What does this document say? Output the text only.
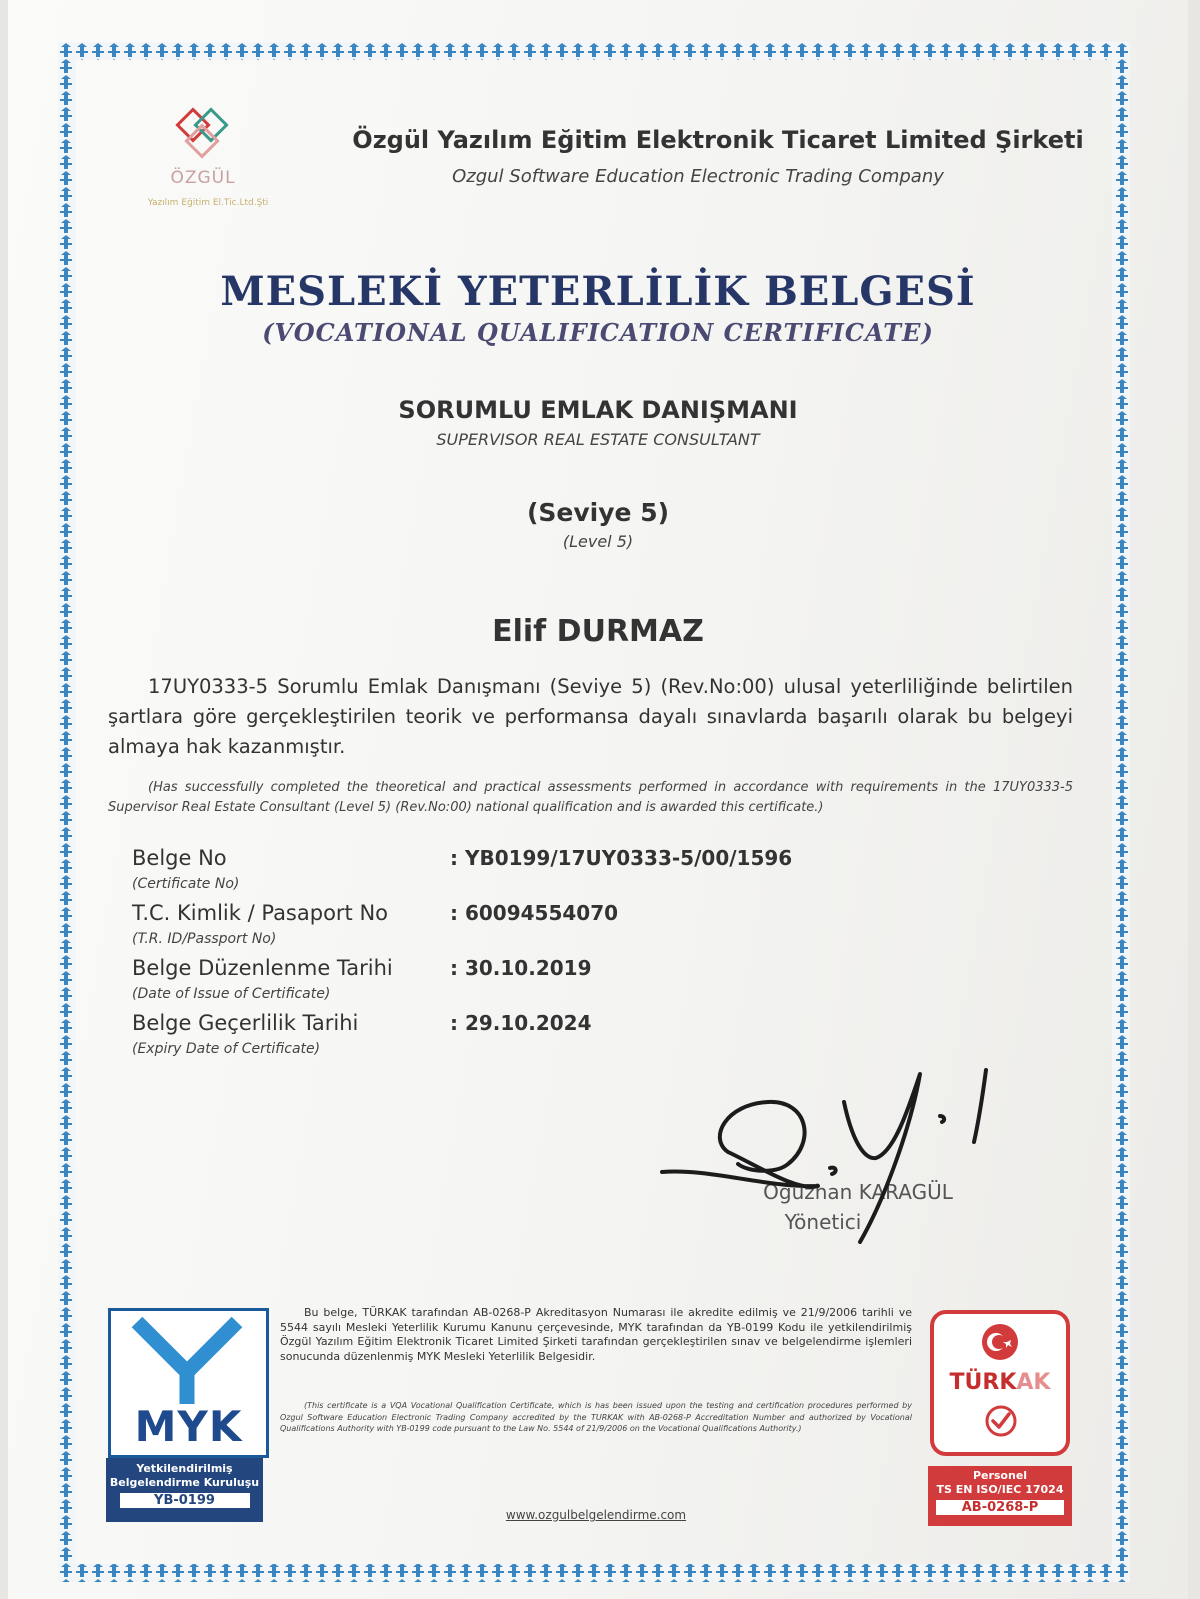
ÖZGÜL
Yazılım Eğitim El.Tic.Ltd.Şti
Özgül Yazılım Eğitim Elektronik Ticaret Limited Şirketi
Ozgul Software Education Electronic Trading Company
MESLEKİ YETERLİLİK BELGESİ
(VOCATIONAL QUALIFICATION CERTIFICATE)
SORUMLU EMLAK DANIŞMANI
SUPERVISOR REAL ESTATE CONSULTANT
(Seviye 5)
(Level 5)
Elif DURMAZ
17UY0333-5 Sorumlu Emlak Danışmanı (Seviye 5) (Rev.No:00) ulusal yeterliliğinde belirtilen şartlara göre gerçekleştirilen teorik ve performansa dayalı sınavlarda başarılı olarak bu belgeyi almaya hak kazanmıştır.
(Has successfully completed the theoretical and practical assessments performed in accordance with requirements in the 17UY0333-5 Supervisor Real Estate Consultant (Level 5) (Rev.No:00) national qualification and is awarded this certificate.)
Belge No
(Certificate No)
: YB0199/17UY0333-5/00/1596
T.C. Kimlik / Pasaport No
(T.R. ID/Passport No)
: 60094554070
Belge Düzenlenme Tarihi
(Date of Issue of Certificate)
: 30.10.2019
Belge Geçerlilik Tarihi
(Expiry Date of Certificate)
: 29.10.2024
Oğuzhan KARAGÜL
Yönetici
MYK
Yetkilendirilmiş
Belgelendirme Kuruluşu
YB-0199
Bu belge, TÜRKAK tarafından AB-0268-P Akreditasyon Numarası ile akredite edilmiş ve 21/9/2006 tarihli ve 5544 sayılı Mesleki Yeterlilik Kurumu Kanunu çerçevesinde, MYK tarafından da YB-0199 Kodu ile yetkilendirilmiş Özgül Yazılım Eğitim Elektronik Ticaret Limited Şirketi tarafından gerçekleştirilen sınav ve belgelendirme işlemleri sonucunda düzenlenmiş MYK Mesleki Yeterlilik Belgesidir.
(This certificate is a VQA Vocational Qualification Certificate, which is has been issued upon the testing and certification procedures performed by Ozgul Software Education Electronic Trading Company accredited by the TURKAK with AB-0268-P Accreditation Number and authorized by Vocational Qualifications Authority with YB-0199 code pursuant to the Law No. 5544 of 21/9/2006 on the Vocational Qualifications Authority.)
www.ozgulbelgelendirme.com
TÜRKAK
Personel
TS EN ISO/IEC 17024
AB-0268-P
